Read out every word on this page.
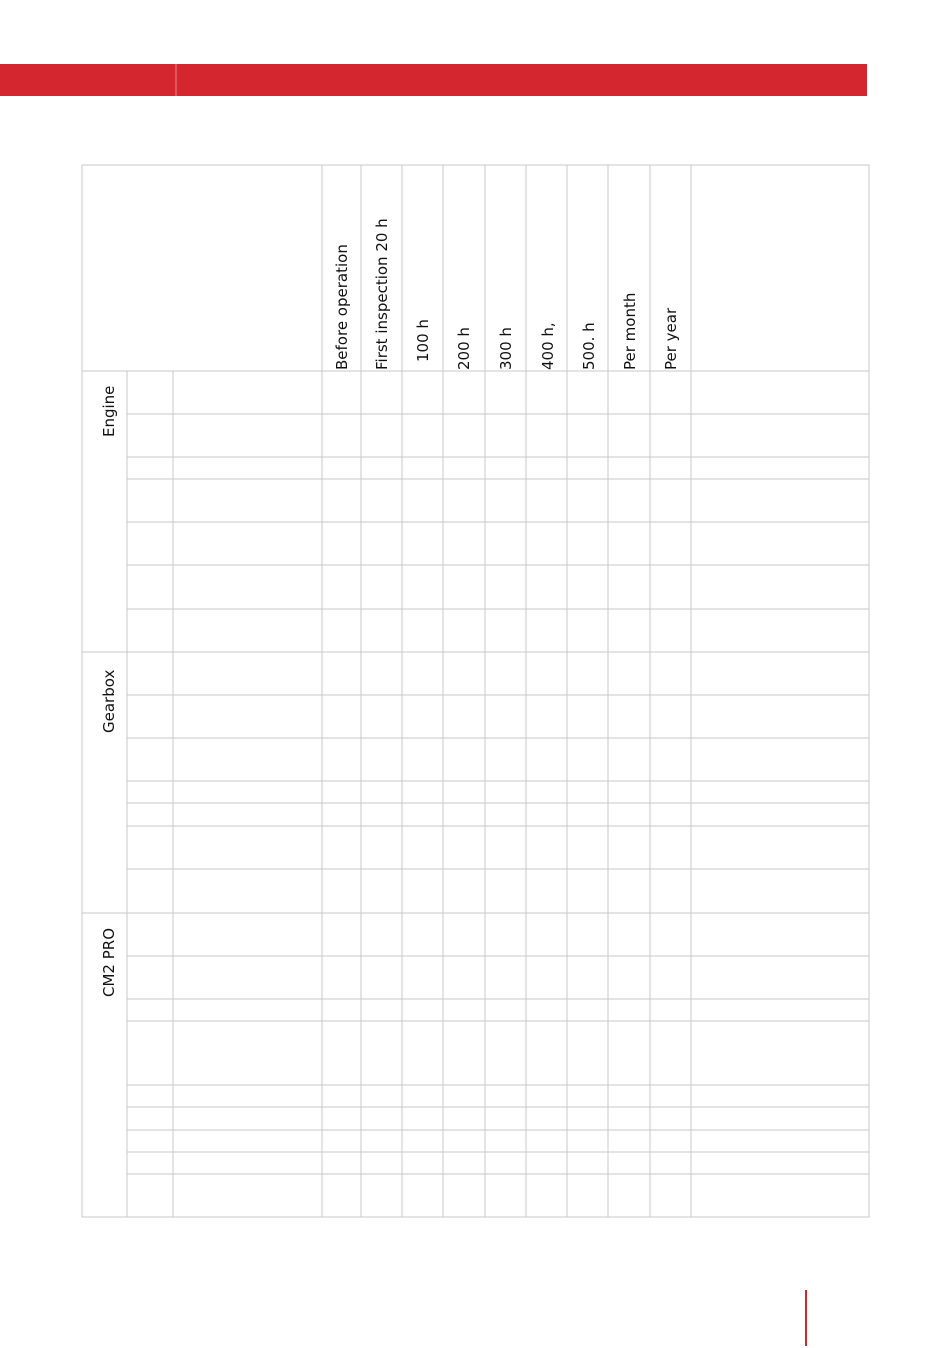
Before operation First inspection 20 h 100 h 200 h 300 h 400 h, 500. h Per month Per year
Engine
Gearbox
CM2 PRO
